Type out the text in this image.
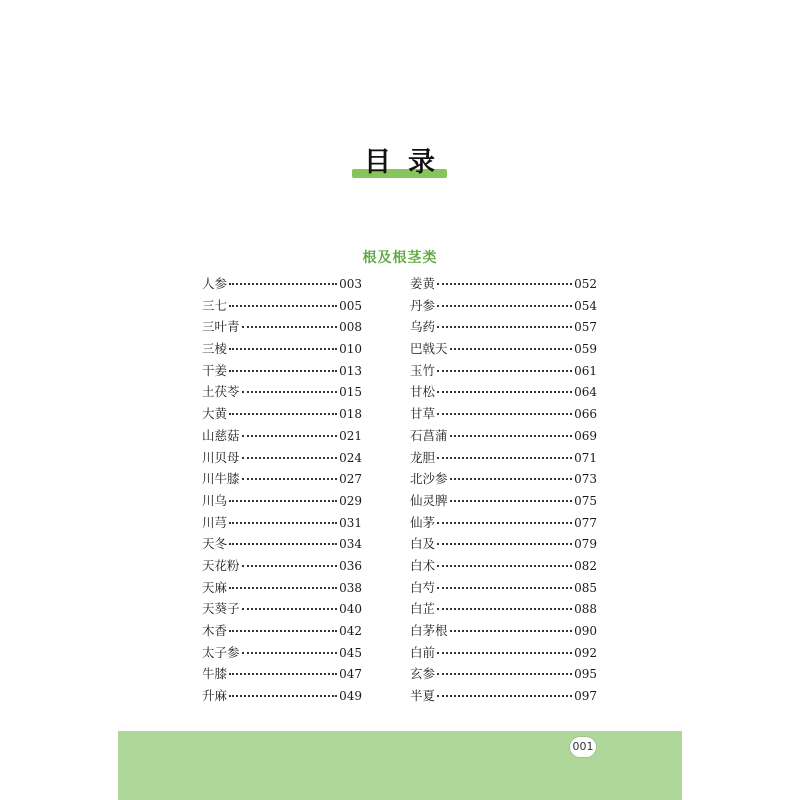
目 录
根及根茎类
人参	003
三七	005
三叶青	008
三棱	010
干姜	013
土茯苓	015
大黄	018
山慈菇	021
川贝母	024
川牛膝	027
川乌	029
川芎	031
天冬	034
天花粉	036
天麻	038
天葵子	040
木香	042
太子参	045
牛膝	047
升麻	049
姜黄	052
丹参	054
乌药	057
巴戟天	059
玉竹	061
甘松	064
甘草	066
石菖蒲	069
龙胆	071
北沙参	073
仙灵脾	075
仙茅	077
白及	079
白术	082
白芍	085
白芷	088
白茅根	090
白前	092
玄参	095
半夏	097
001
